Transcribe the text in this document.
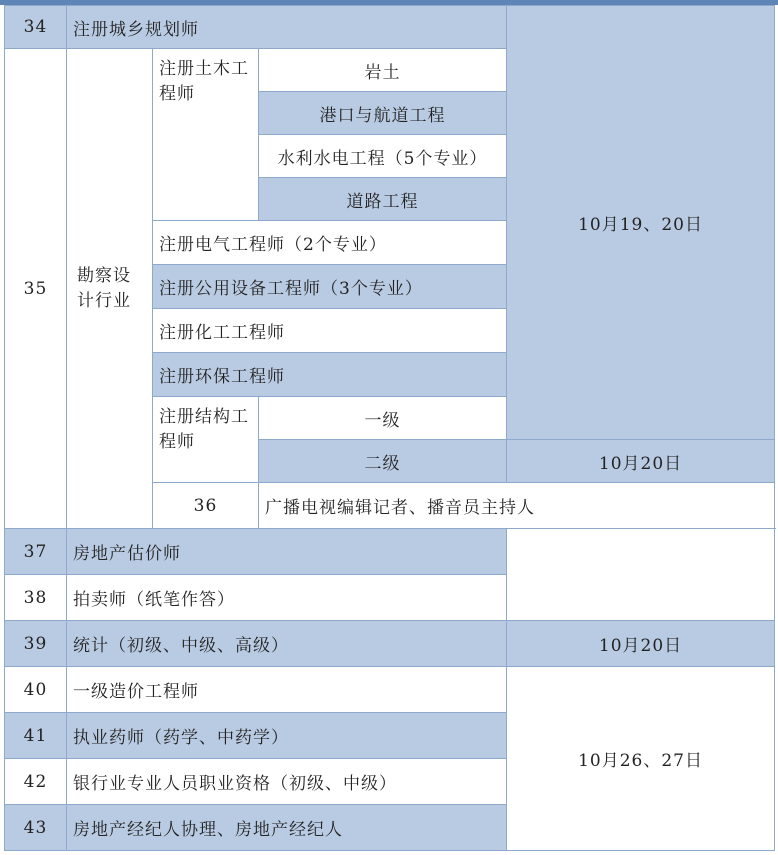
34	注册城乡规划师			10月19、20日	
35	勘察设计行业	注册土木工程师	岩土		
			港口与航道工程		
			水利水电工程（5个专业）		
			道路工程		
		注册电气工程师（2个专业）			
		注册公用设备工程师（3个专业）			
		注册化工工程师			
		注册环保工程师			
		注册结构工程师	一级		
			二级	10月20日	
		36	广播电视编辑记者、播音员主持人	
37	房地产估价师				
38	拍卖师（纸笔作答）				
39	统计（初级、中级、高级）			10月20日	
40	一级造价工程师			10月26、27日	
41	执业药师（药学、中药学）				
42	银行业专业人员职业资格（初级、中级）				
43	房地产经纪人协理、房地产经纪人				
